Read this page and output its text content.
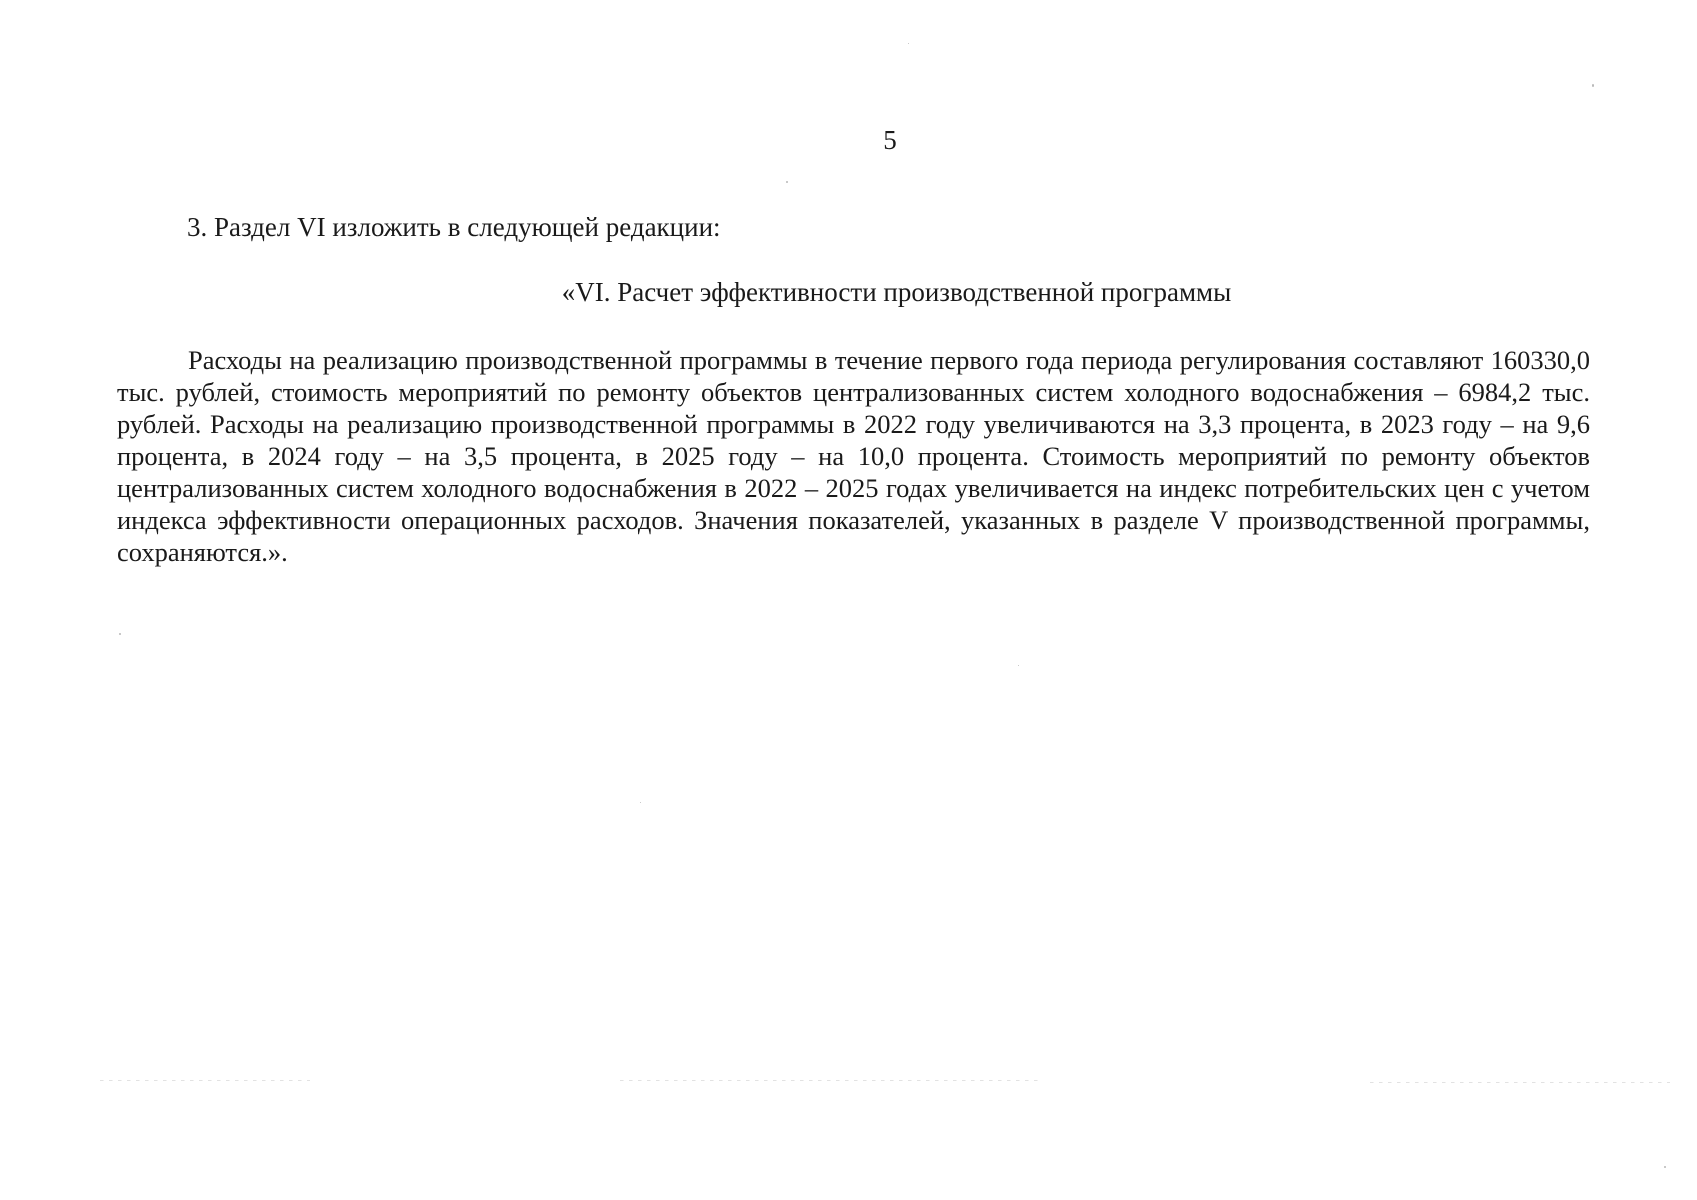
5
3. Раздел VI изложить в следующей редакции:
«VI. Расчет эффективности производственной программы

Расходы на реализацию производственной программы в течение первого года периода регулирования составляют 160330,0 тыс. рублей, стоимость мероприятий по ремонту объектов централизованных систем холодного водоснабжения – 6984,2 тыс. рублей. Расходы на реализацию производственной программы в 2022 году увеличиваются на 3,3 процента, в 2023 году – на 9,6 процента, в 2024 году – на 3,5 процента, в 2025 году – на 10,0 процента. Стоимость мероприятий по ремонту объектов централизованных систем холодного водоснабжения в 2022 – 2025 годах увеличивается на индекс потребительских цен с учетом индекса эффективности операционных расходов. Значения показателей, указанных в разделе V производственной программы, сохраняются.».
